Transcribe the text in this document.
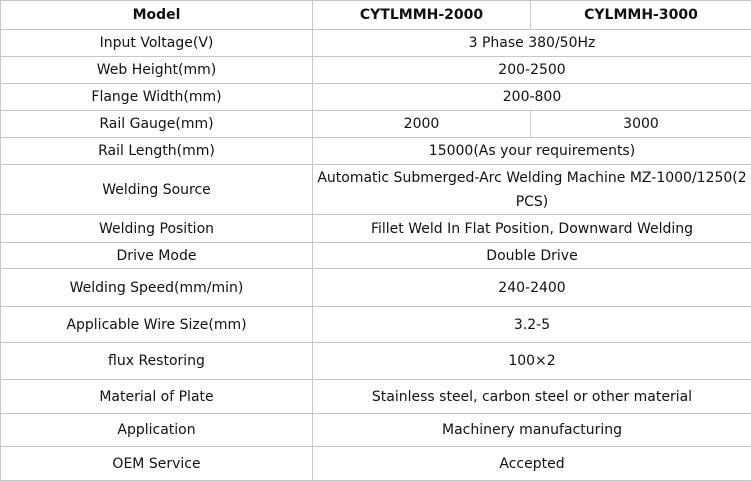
Model	CYTLMMH-2000	CYLMMH-3000
Input Voltage(V)	3 Phase 380/50Hz	
Web Height(mm)	200-2500	
Flange Width(mm)	200-800	
Rail Gauge(mm)	2000	3000
Rail Length(mm)	15000(As your requirements)	
Welding Source	Automatic Submerged-Arc Welding Machine MZ-1000/1250(2 PCS)	
Welding Position	Fillet Weld In Flat Position, Downward Welding	
Drive Mode	Double Drive	
Welding Speed(mm/min)	240-2400	
Applicable Wire Size(mm)	3.2-5	
flux Restoring	100×2	
Material of Plate	Stainless steel, carbon steel or other material	
Application	Machinery manufacturing	
OEM Service	Accepted	
